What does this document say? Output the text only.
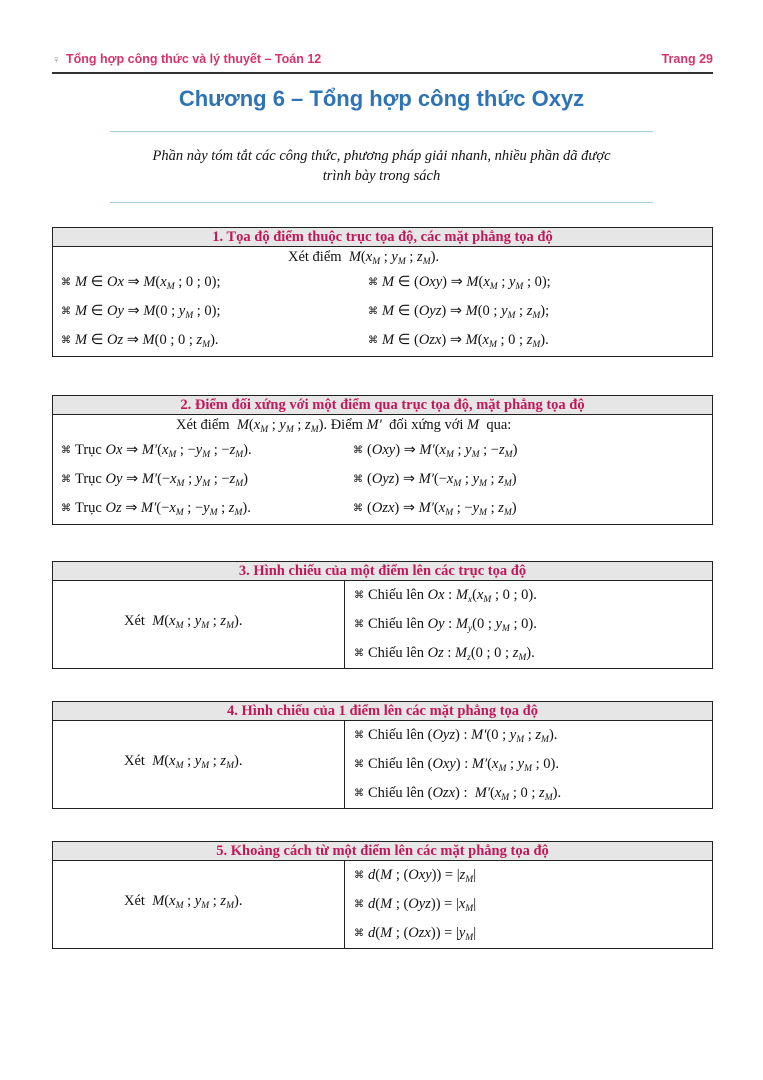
♀ Tổng hợp công thức và lý thuyết – Toán 12	Trang 29
Chương 6 – Tổng hợp công thức Oxyz

Phần này tóm tắt các công thức, phương pháp giải nhanh, nhiều phần dã được
trình bày trong sách

1. Tọa độ điểm thuộc trục tọa độ, các mặt phẳng tọa độ
Xét điểm $M(x_M$ ; $y_M$ ; $z_M$).
⌘ M ∈ Ox ⇒ $M(x_M$ ; 0 ; 0);	⌘ M ∈ (Oxy) ⇒ $M(x_M$ ; $y_M$ ; 0);
⌘ M ∈ Oy ⇒ M(0 ; $y_M$ ; 0);	⌘ M ∈ (Oyz) ⇒ M(0 ; $y_M$ ; $z_M$);
⌘ M ∈ Oz ⇒ M(0 ; 0 ; $z_M$).	⌘ M ∈ (Ozx) ⇒ $M(x_M$ ; 0 ; $z_M$).
2. Điểm đối xứng với một điểm qua trục tọa độ, mặt phẳng tọa độ
Xét điểm $M(x_M$ ; $y_M$ ; $z_M$). Điểm M′ đối xứng với M qua:
⌘ Trục Ox ⇒ $M'(x_M$ ; $-y_M$ ; $-z_M$).	⌘ (Oxy) ⇒ $M'(x_M$ ; $y_M$ ; $-z_M$)
⌘ Trục Oy ⇒ $M'(-x_M$ ; $y_M$ ; $-z_M$)	⌘ (Oyz) ⇒ $M'(-x_M$ ; $y_M$ ; $z_M$)
⌘ Trục Oz ⇒ $M'(-x_M$ ; $-y_M$ ; $z_M$).	⌘ (Ozx) ⇒ $M'(x_M$ ; $-y_M$ ; $z_M$)
3. Hình chiếu của một điểm lên các trục tọa độ
Xét $M(x_M$ ; $y_M$ ; $z_M$).
⌘ Chiếu lên Ox : $M_x(x_M$ ; 0 ; 0).
⌘ Chiếu lên Oy : $M_y(0$ ; $y_M$ ; 0).
⌘ Chiếu lên Oz : $M_z(0$ ; 0 ; $z_M$).
4. Hình chiếu của 1 điểm lên các mặt phẳng tọa độ
Xét $M(x_M$ ; $y_M$ ; $z_M$).
⌘ Chiếu lên (Oyz) : M′(0 ; $y_M$ ; $z_M$).
⌘ Chiếu lên (Oxy) : $M'(x_M$ ; $y_M$ ; 0).
⌘ Chiếu lên (Ozx) :  $M'(x_M$ ; 0 ; $z_M$).
5. Khoảng cách từ một điểm lên các mặt phẳng tọa độ
Xét $M(x_M$ ; $y_M$ ; $z_M$).
⌘ d(M ; $(Oxy)) = |z_M|$
⌘ d(M ; $(Oyz)) = |x_M|$
⌘ d(M ; $(Ozx)) = |y_M|$
